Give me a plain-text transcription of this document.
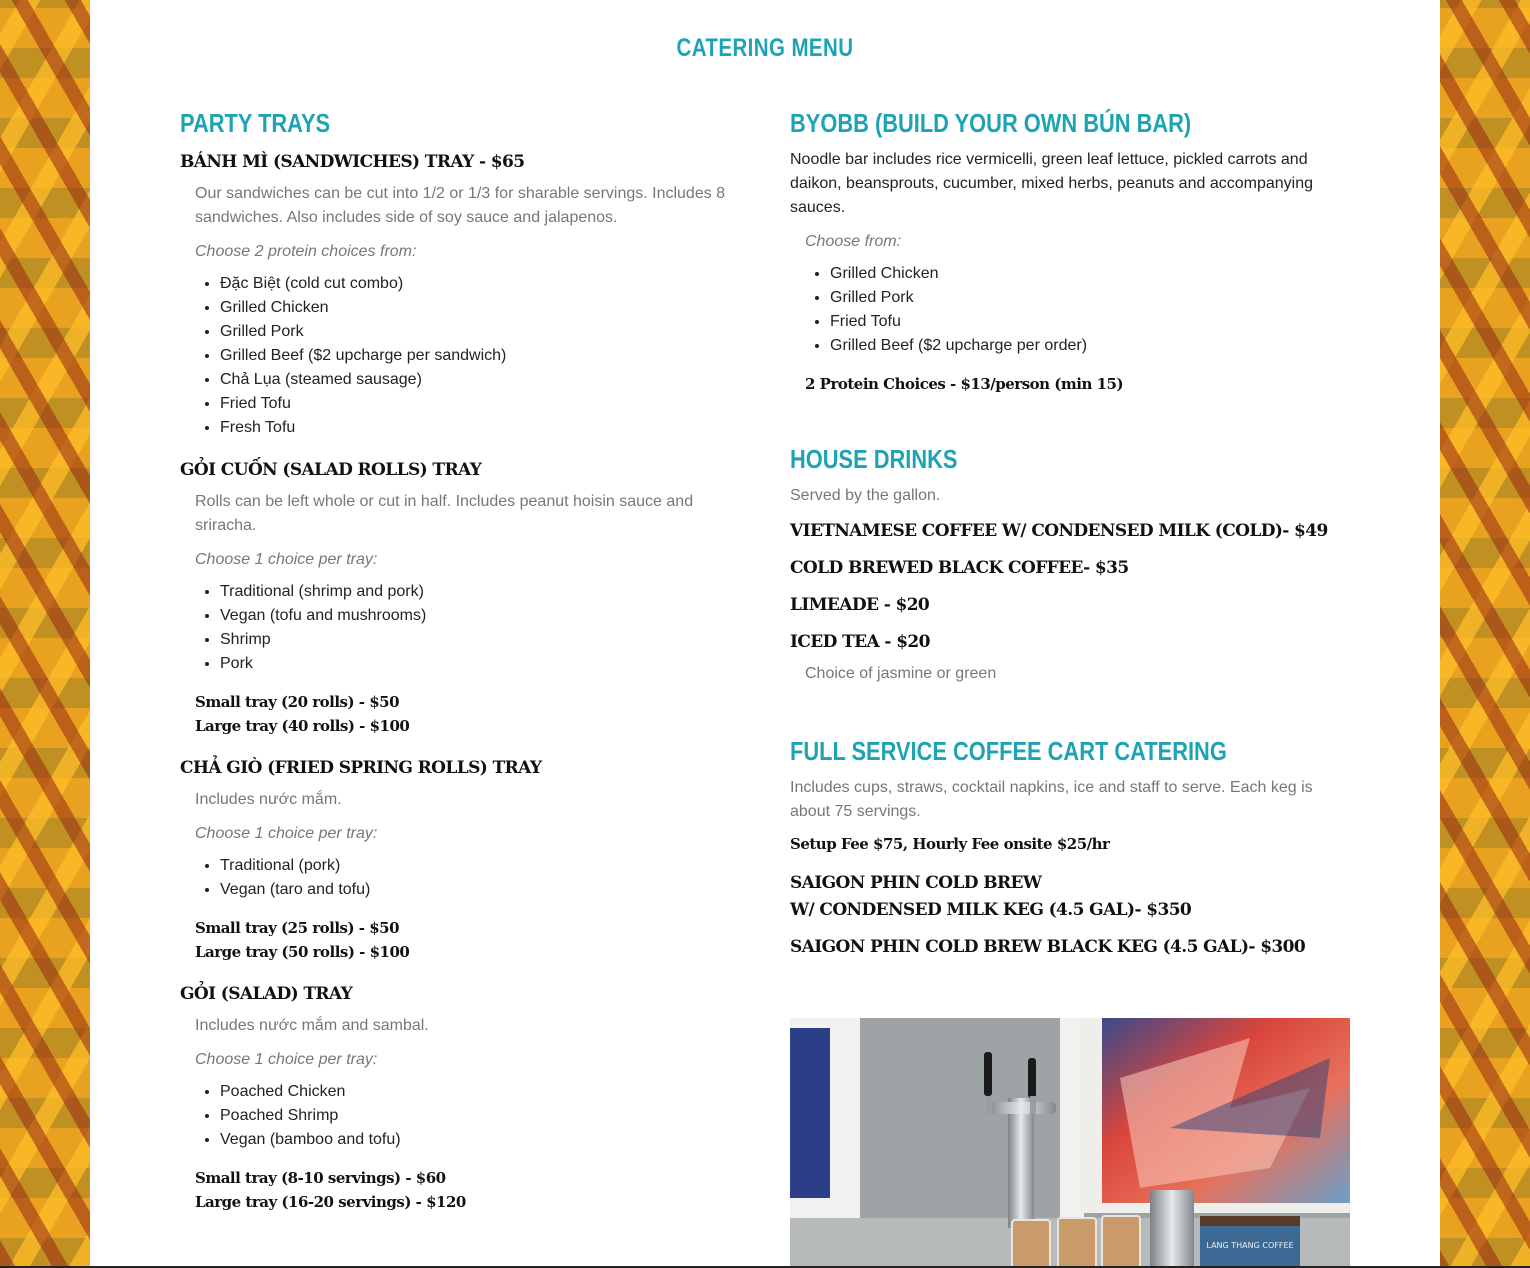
CATERING MENU
PARTY TRAYS
BÁNH MÌ (SANDWICHES) TRAY - $65
Our sandwiches can be cut into 1/2 or 1/3 for sharable servings. Includes 8 sandwiches. Also includes side of soy sauce and jalapenos.
Choose 2 protein choices from:
• Đặc Biệt (cold cut combo)
• Grilled Chicken
• Grilled Pork
• Grilled Beef ($2 upcharge per sandwich)
• Chả Lụa (steamed sausage)
• Fried Tofu
• Fresh Tofu
GỎI CUỐN (SALAD ROLLS) TRAY
Rolls can be left whole or cut in half. Includes peanut hoisin sauce and sriracha.
Choose 1 choice per tray:
• Traditional (shrimp and pork)
• Vegan (tofu and mushrooms)
• Shrimp
• Pork
Small tray (20 rolls) - $50
Large tray (40 rolls) - $100
CHẢ GIÒ (FRIED SPRING ROLLS) TRAY
Includes nước mắm.
Choose 1 choice per tray:
• Traditional (pork)
• Vegan (taro and tofu)
Small tray (25 rolls) - $50
Large tray (50 rolls) - $100
GỎI (SALAD) TRAY
Includes nước mắm and sambal.
Choose 1 choice per tray:
• Poached Chicken
• Poached Shrimp
• Vegan (bamboo and tofu)
Small tray (8-10 servings) - $60
Large tray (16-20 servings) - $120
BYOBB (BUILD YOUR OWN BÚN BAR)
Noodle bar includes rice vermicelli, green leaf lettuce, pickled carrots and daikon, beansprouts, cucumber, mixed herbs, peanuts and accompanying sauces.
Choose from:
• Grilled Chicken
• Grilled Pork
• Fried Tofu
• Grilled Beef ($2 upcharge per order)
2 Protein Choices - $13/person (min 15)
HOUSE DRINKS
Served by the gallon.
VIETNAMESE COFFEE W/ CONDENSED MILK (COLD)- $49
COLD BREWED BLACK COFFEE- $35
LIMEADE - $20
ICED TEA - $20
Choice of jasmine or green
FULL SERVICE COFFEE CART CATERING
Includes cups, straws, cocktail napkins, ice and staff to serve. Each keg is about 75 servings.
Setup Fee $75, Hourly Fee onsite $25/hr
SAIGON PHIN COLD BREW
W/ CONDENSED MILK KEG (4.5 GAL)- $350
SAIGON PHIN COLD BREW BLACK KEG (4.5 GAL)- $300
LANG THANG COFFEE
